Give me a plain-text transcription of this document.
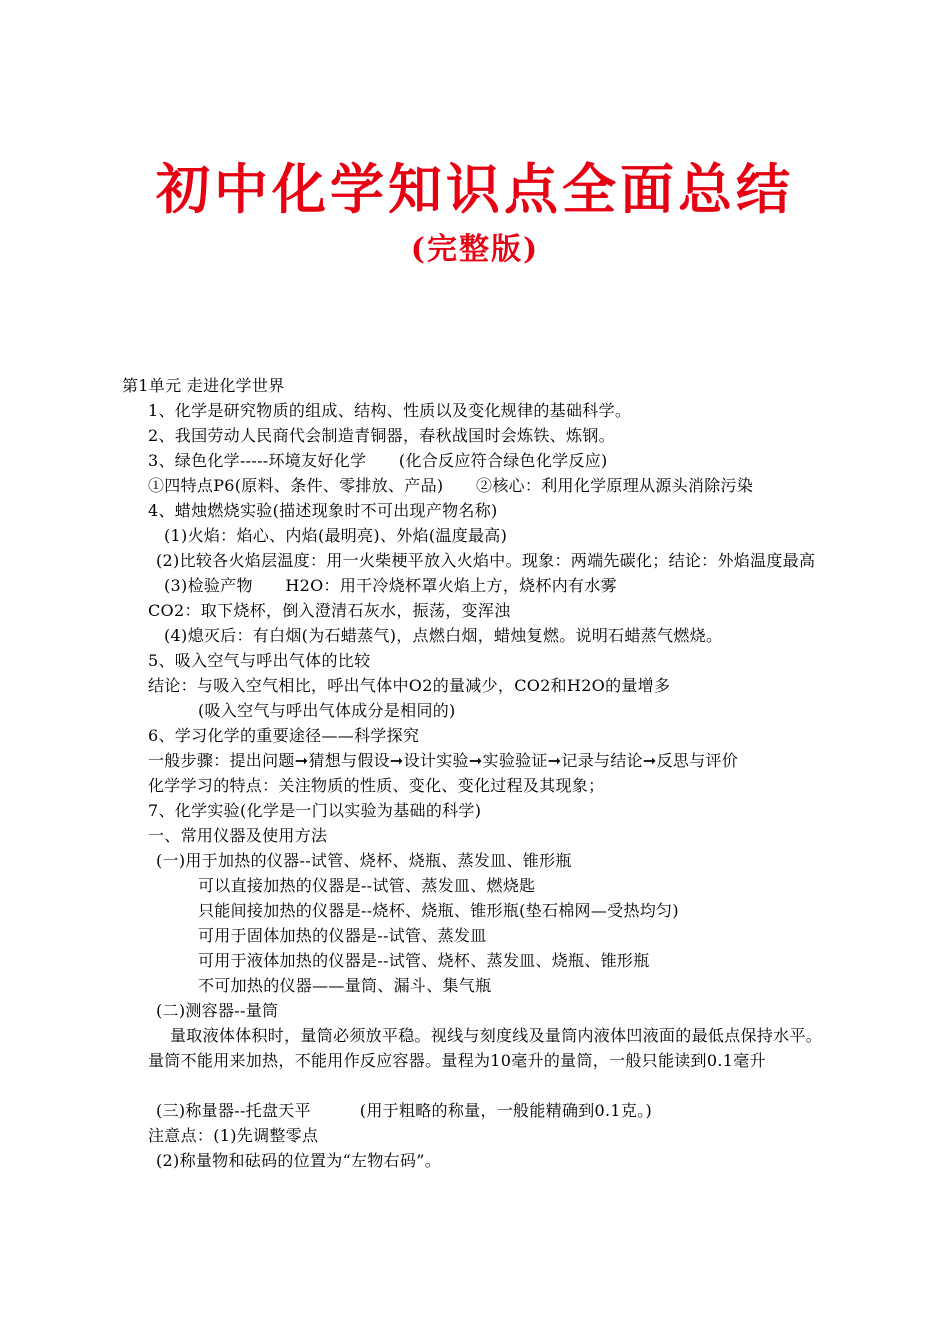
初中化学知识点全面总结
(完整版)
第1单元 走进化学世界
1、化学是研究物质的组成、结构、性质以及变化规律的基础科学。
2、我国劳动人民商代会制造青铜器，春秋战国时会炼铁、炼钢。
3、绿色化学-----环境友好化学　　(化合反应符合绿色化学反应)
①四特点P6(原料、条件、零排放、产品)　　②核心：利用化学原理从源头消除污染
4、蜡烛燃烧实验(描述现象时不可出现产物名称)
(1)火焰：焰心、内焰(最明亮)、外焰(温度最高)
(2)比较各火焰层温度：用一火柴梗平放入火焰中。现象：两端先碳化；结论：外焰温度最高
(3)检验产物　　H2O：用干冷烧杯罩火焰上方，烧杯内有水雾
CO2：取下烧杯，倒入澄清石灰水，振荡，变浑浊
(4)熄灭后：有白烟(为石蜡蒸气)，点燃白烟，蜡烛复燃。说明石蜡蒸气燃烧。
5、吸入空气与呼出气体的比较
结论：与吸入空气相比，呼出气体中O2的量减少，CO2和H2O的量增多
(吸入空气与呼出气体成分是相同的)
6、学习化学的重要途径——科学探究
一般步骤：提出问题➞猜想与假设➞设计实验➞实验验证➞记录与结论➞反思与评价
化学学习的特点：关注物质的性质、变化、变化过程及其现象；
7、化学实验(化学是一门以实验为基础的科学)
一、常用仪器及使用方法
(一)用于加热的仪器--试管、烧杯、烧瓶、蒸发皿、锥形瓶
可以直接加热的仪器是--试管、蒸发皿、燃烧匙
只能间接加热的仪器是--烧杯、烧瓶、锥形瓶(垫石棉网—受热均匀)
可用于固体加热的仪器是--试管、蒸发皿
可用于液体加热的仪器是--试管、烧杯、蒸发皿、烧瓶、锥形瓶
不可加热的仪器——量筒、漏斗、集气瓶
(二)测容器--量筒
量取液体体积时，量筒必须放平稳。视线与刻度线及量筒内液体凹液面的最低点保持水平。
量筒不能用来加热，不能用作反应容器。量程为10毫升的量筒，一般只能读到0.1毫升
(三)称量器--托盘天平　　　(用于粗略的称量，一般能精确到0.1克。)
注意点：(1)先调整零点
(2)称量物和砝码的位置为“左物右码”。
